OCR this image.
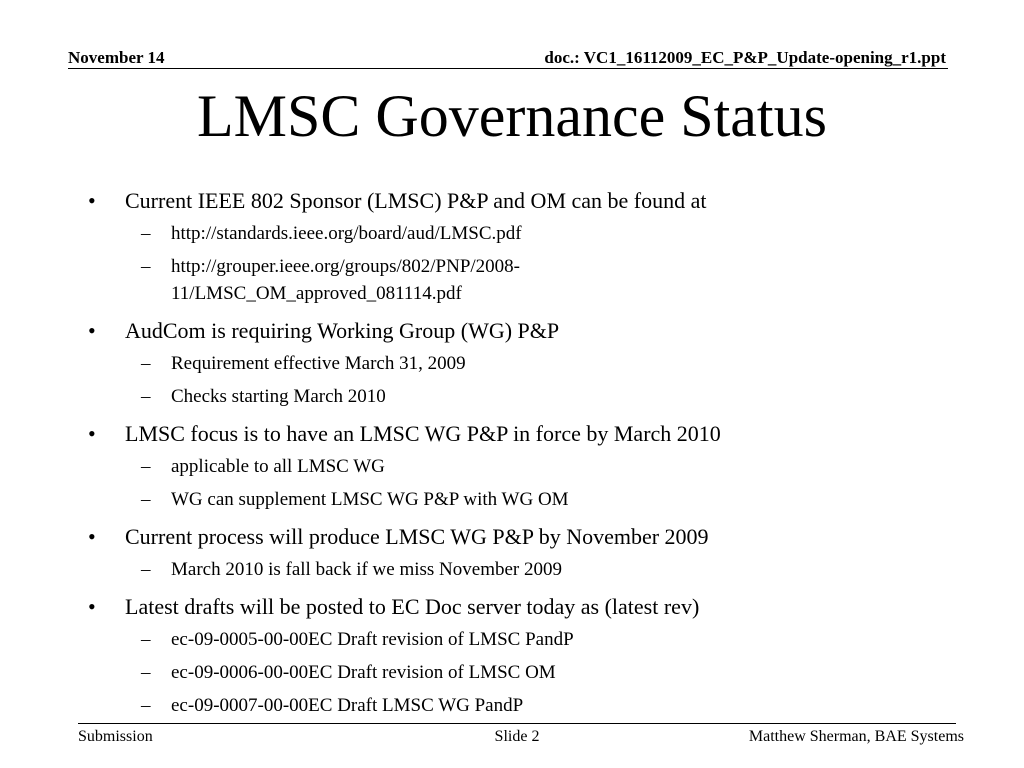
November 14	doc.: VC1_16112009_EC_P&P_Update-opening_r1.ppt
LMSC Governance Status
• Current IEEE 802 Sponsor (LMSC) P&P and OM can be found at
– http://standards.ieee.org/board/aud/LMSC.pdf
– http://grouper.ieee.org/groups/802/PNP/2008-
11/LMSC_OM_approved_081114.pdf
• AudCom is requiring Working Group (WG) P&P
– Requirement effective March 31, 2009
– Checks starting March 2010
• LMSC focus is to have an LMSC WG P&P in force by March 2010
– applicable to all LMSC WG
– WG can supplement LMSC WG P&P with WG OM
• Current process will produce LMSC WG P&P by November 2009
– March 2010 is fall back if we miss November 2009
• Latest drafts will be posted to EC Doc server today as (latest rev)
– ec-09-0005-00-00EC Draft revision of LMSC PandP
– ec-09-0006-00-00EC Draft revision of LMSC OM
– ec-09-0007-00-00EC Draft LMSC WG PandP
Submission	Slide 2	Matthew Sherman, BAE Systems
